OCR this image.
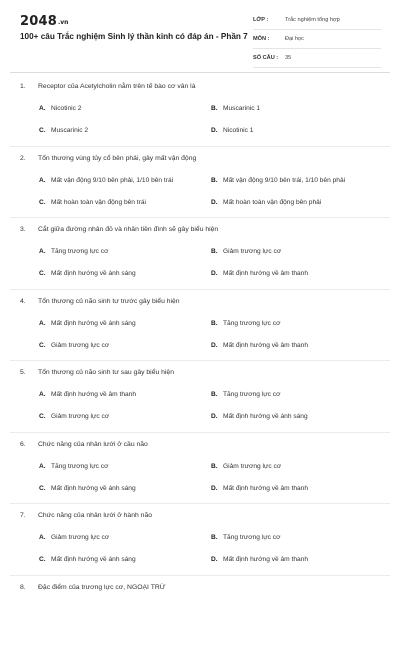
2048.vn
100+ câu Trắc nghiệm Sinh lý thần kinh có đáp án - Phần 7
LỚP :	Trắc nghiệm tổng hợp
MÔN :	Đại học
SỐ CÂU : 35
1. Receptor của Acetylcholin nằm trên tế bào cơ vân là
A. Nicotinic 2	B. Muscarinic 1
C. Muscarinic 2	D. Nicotinic 1
2. Tổn thương vùng tủy cổ bên phải, gây mất vận động
A. Mất vận động 9/10 bên phải, 1/10 bên trái	B. Mất vận động 9/10 bên trái, 1/10 bên phải
C. Mất hoàn toàn vận động bên trái	D. Mất hoàn toàn vận động bên phải
3. Cắt giữa đường nhân đỏ và nhân tiền đình sẽ gây biểu hiện
A. Tăng trương lực cơ	B. Giảm trương lực cơ
C. Mất định hướng về ánh sáng	D. Mất định hướng về âm thanh
4. Tổn thương củ não sinh tư trước gây biểu hiện
A. Mất định hướng về ánh sáng	B. Tăng trương lực cơ
C. Giảm trương lực cơ	D. Mất định hướng về âm thanh
5. Tổn thương củ não sinh tư sau gây biểu hiện
A. Mất định hướng về âm thanh	B. Tăng trương lực cơ
C. Giảm trương lực cơ	D. Mất định hướng về ánh sáng
6. Chức năng của nhân lưới ở cầu não
A. Tăng trương lực cơ	B. Giảm trương lực cơ
C. Mất định hướng về ánh sáng	D. Mất định hướng về âm thanh
7. Chức năng của nhân lưới ở hành não
A. Giảm trương lực cơ	B. Tăng trương lực cơ
C. Mất định hướng về ánh sáng	D. Mất định hướng về âm thanh
8. Đặc điểm của trương lực cơ, NGOẠI TRỪ
